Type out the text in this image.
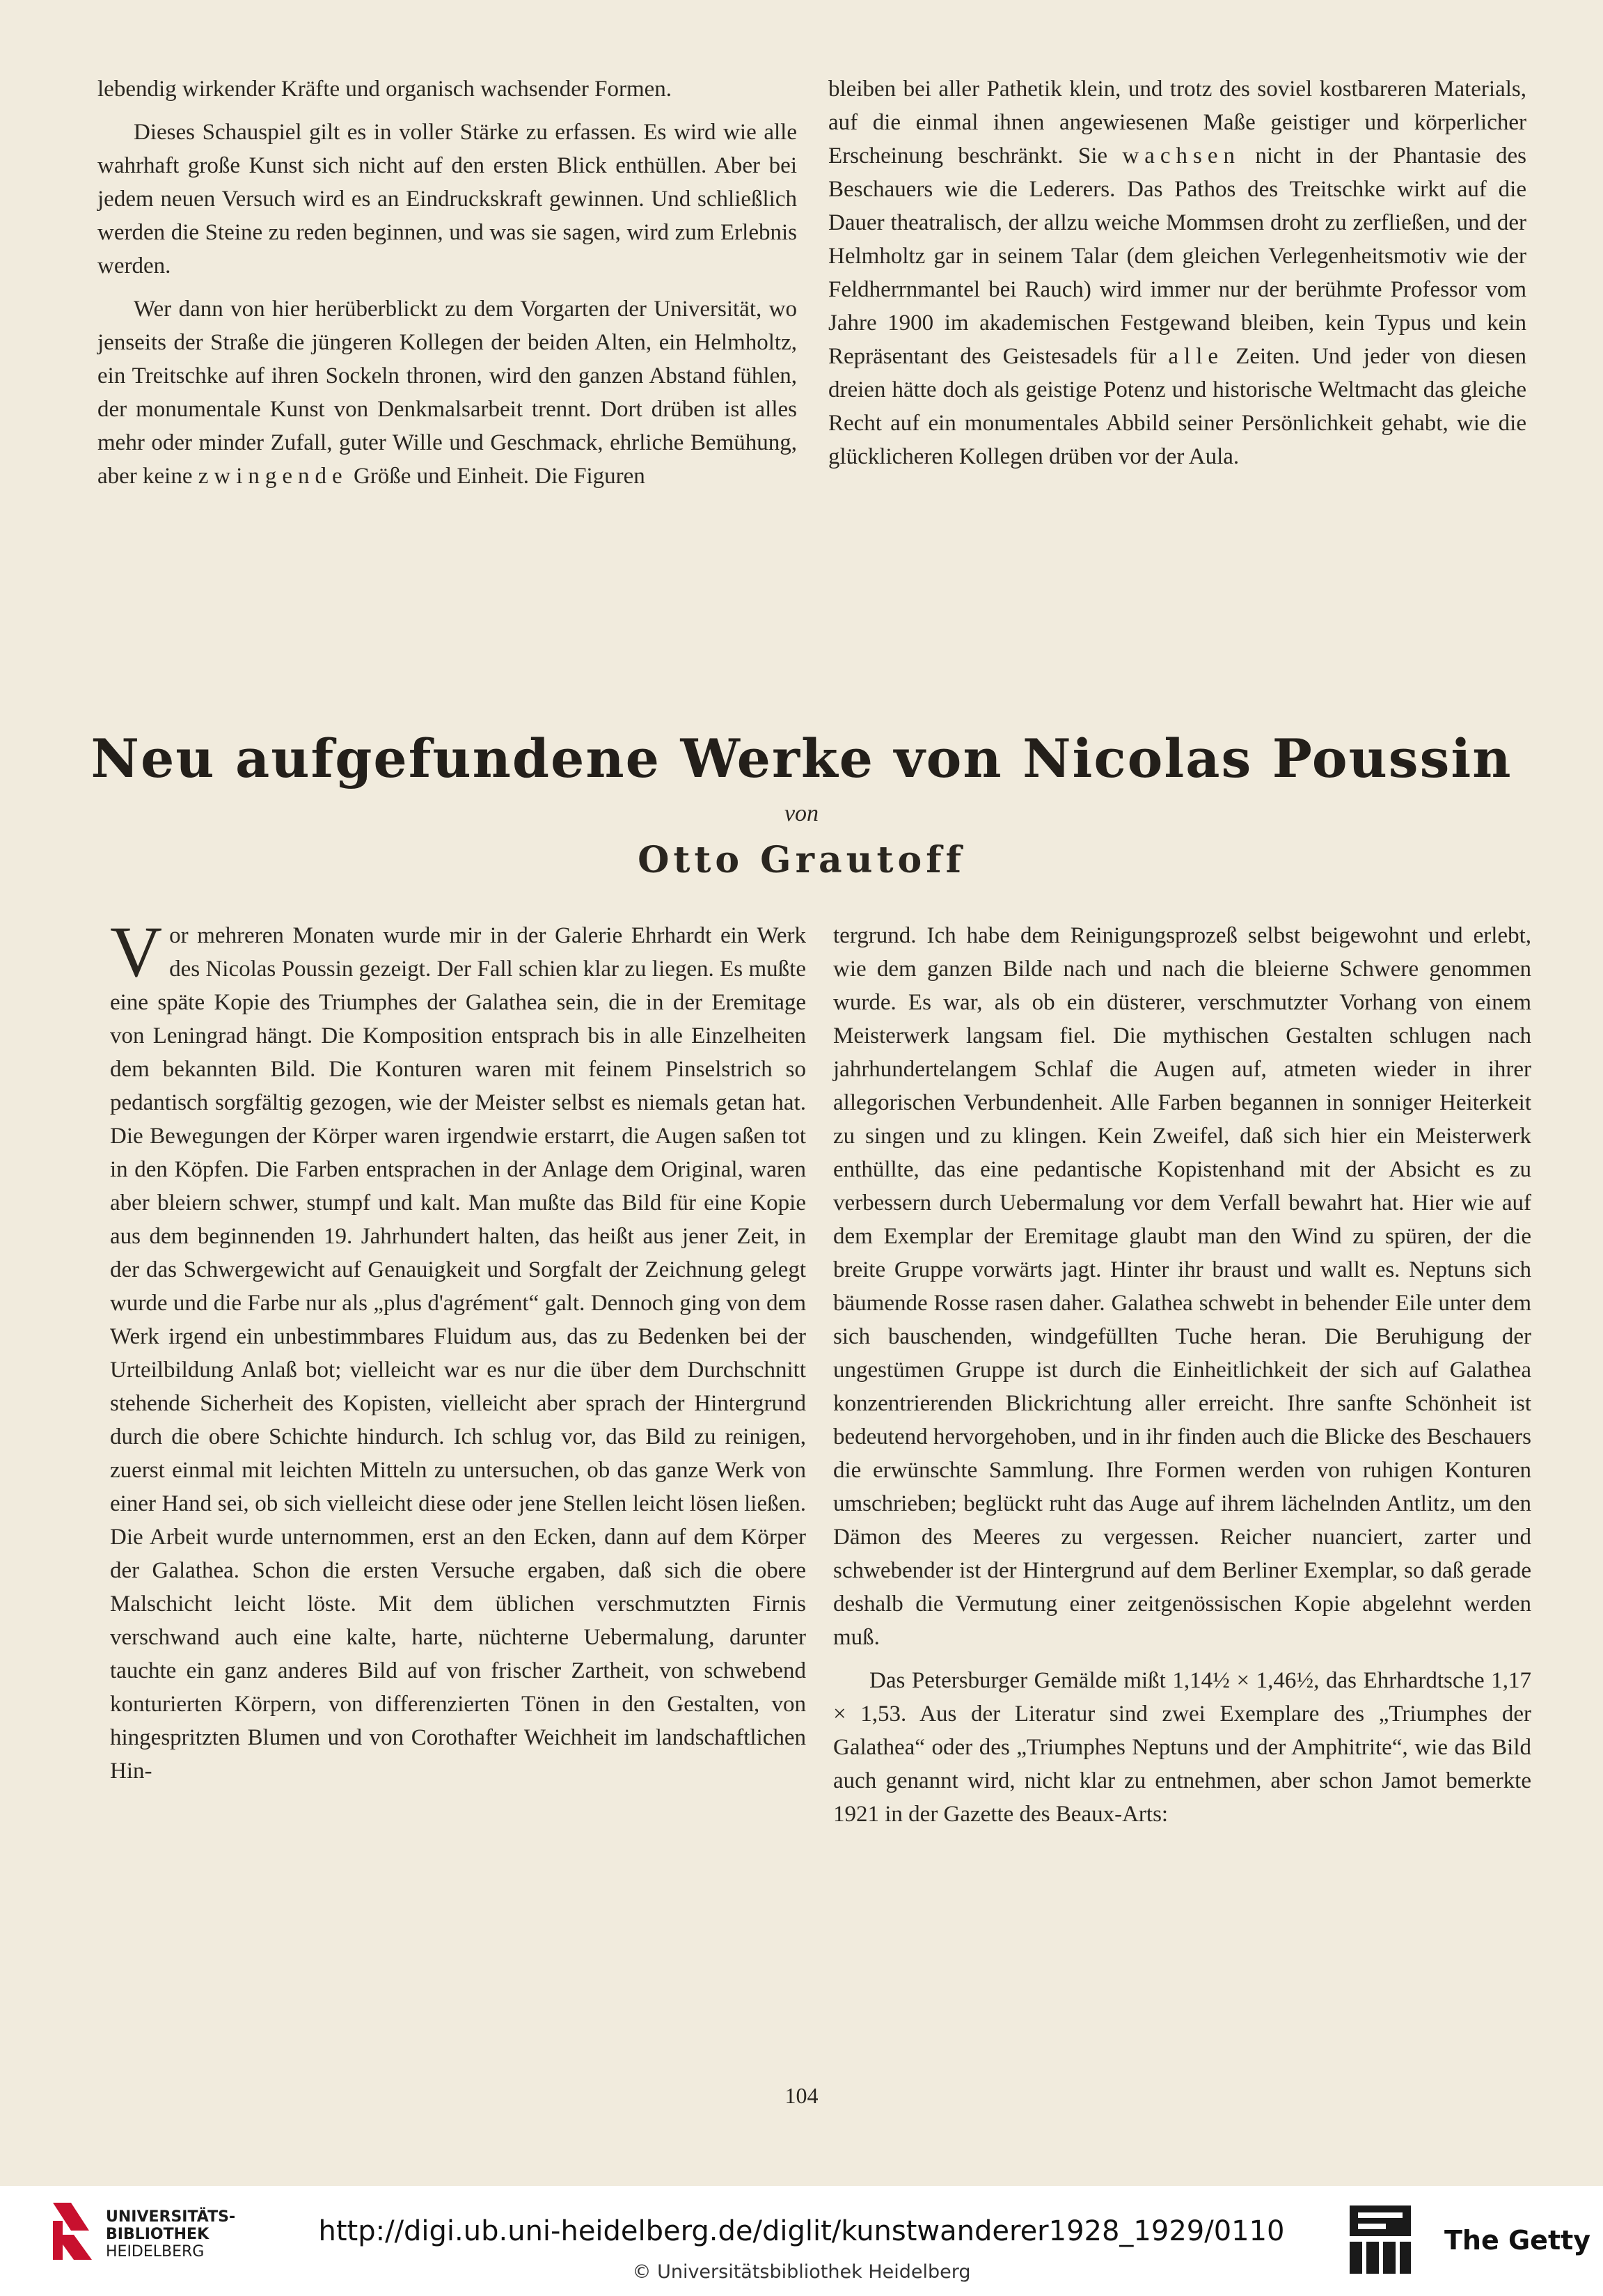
lebendig wirkender Kräfte und organisch wachsender Formen.

Dieses Schauspiel gilt es in voller Stärke zu erfassen. Es wird wie alle wahrhaft große Kunst sich nicht auf den ersten Blick enthüllen. Aber bei jedem neuen Versuch wird es an Eindruckskraft gewinnen. Und schließlich werden die Steine zu reden beginnen, und was sie sagen, wird zum Erlebnis werden.

Wer dann von hier herüberblickt zu dem Vorgarten der Universität, wo jenseits der Straße die jüngeren Kollegen der beiden Alten, ein Helmholtz, ein Treitschke auf ihren Sockeln thronen, wird den ganzen Abstand fühlen, der monumentale Kunst von Denkmalsarbeit trennt. Dort drüben ist alles mehr oder minder Zufall, guter Wille und Geschmack, ehrliche Bemühung, aber keine zwingende Größe und Einheit. Die Figuren

bleiben bei aller Pathetik klein, und trotz des soviel kostbareren Materials, auf die einmal ihnen angewiesenen Maße geistiger und körperlicher Erscheinung beschränkt. Sie wachsen nicht in der Phantasie des Beschauers wie die Lederers. Das Pathos des Treitschke wirkt auf die Dauer theatralisch, der allzu weiche Mommsen droht zu zerfließen, und der Helmholtz gar in seinem Talar (dem gleichen Verlegenheitsmotiv wie der Feldherrnmantel bei Rauch) wird immer nur der berühmte Professor vom Jahre 1900 im akademischen Festgewand bleiben, kein Typus und kein Repräsentant des Geistesadels für alle Zeiten. Und jeder von diesen dreien hätte doch als geistige Potenz und historische Weltmacht das gleiche Recht auf ein monumentales Abbild seiner Persönlichkeit gehabt, wie die glücklicheren Kollegen drüben vor der Aula.

Neu aufgefundene Werke von Nicolas Poussin
von
Otto Grautoff

Vor mehreren Monaten wurde mir in der Galerie Ehrhardt ein Werk des Nicolas Poussin gezeigt. Der Fall schien klar zu liegen. Es mußte eine späte Kopie des Triumphes der Galathea sein, die in der Eremitage von Leningrad hängt. Die Komposition entsprach bis in alle Einzelheiten dem bekannten Bild. Die Konturen waren mit feinem Pinselstrich so pedantisch sorgfältig gezogen, wie der Meister selbst es niemals getan hat. Die Bewegungen der Körper waren irgendwie erstarrt, die Augen saßen tot in den Köpfen. Die Farben entsprachen in der Anlage dem Original, waren aber bleiern schwer, stumpf und kalt. Man mußte das Bild für eine Kopie aus dem beginnenden 19. Jahrhundert halten, das heißt aus jener Zeit, in der das Schwergewicht auf Genauigkeit und Sorgfalt der Zeichnung gelegt wurde und die Farbe nur als „plus d'agrément“ galt. Dennoch ging von dem Werk irgend ein unbestimmbares Fluidum aus, das zu Bedenken bei der Urteilbildung Anlaß bot; vielleicht war es nur die über dem Durchschnitt stehende Sicherheit des Kopisten, vielleicht aber sprach der Hintergrund durch die obere Schichte hindurch. Ich schlug vor, das Bild zu reinigen, zuerst einmal mit leichten Mitteln zu untersuchen, ob das ganze Werk von einer Hand sei, ob sich vielleicht diese oder jene Stellen leicht lösen ließen. Die Arbeit wurde unternommen, erst an den Ecken, dann auf dem Körper der Galathea. Schon die ersten Versuche ergaben, daß sich die obere Malschicht leicht löste. Mit dem üblichen verschmutzten Firnis verschwand auch eine kalte, harte, nüchterne Uebermalung, darunter tauchte ein ganz anderes Bild auf von frischer Zartheit, von schwebend konturierten Körpern, von differenzierten Tönen in den Gestalten, von hingespritzten Blumen und von Corothafter Weichheit im landschaftlichen Hin-

tergrund. Ich habe dem Reinigungsprozeß selbst beigewohnt und erlebt, wie dem ganzen Bilde nach und nach die bleierne Schwere genommen wurde. Es war, als ob ein düsterer, verschmutzter Vorhang von einem Meisterwerk langsam fiel. Die mythischen Gestalten schlugen nach jahrhundertelangem Schlaf die Augen auf, atmeten wieder in ihrer allegorischen Verbundenheit. Alle Farben begannen in sonniger Heiterkeit zu singen und zu klingen. Kein Zweifel, daß sich hier ein Meisterwerk enthüllte, das eine pedantische Kopistenhand mit der Absicht es zu verbessern durch Uebermalung vor dem Verfall bewahrt hat. Hier wie auf dem Exemplar der Eremitage glaubt man den Wind zu spüren, der die breite Gruppe vorwärts jagt. Hinter ihr braust und wallt es. Neptuns sich bäumende Rosse rasen daher. Galathea schwebt in behender Eile unter dem sich bauschenden, windgefüllten Tuche heran. Die Beruhigung der ungestümen Gruppe ist durch die Einheitlichkeit der sich auf Galathea konzentrierenden Blickrichtung aller erreicht. Ihre sanfte Schönheit ist bedeutend hervorgehoben, und in ihr finden auch die Blicke des Beschauers die erwünschte Sammlung. Ihre Formen werden von ruhigen Konturen umschrieben; beglückt ruht das Auge auf ihrem lächelnden Antlitz, um den Dämon des Meeres zu vergessen. Reicher nuanciert, zarter und schwebender ist der Hintergrund auf dem Berliner Exemplar, so daß gerade deshalb die Vermutung einer zeitgenössischen Kopie abgelehnt werden muß.

Das Petersburger Gemälde mißt 1,14½ × 1,46½, das Ehrhardtsche 1,17 × 1,53. Aus der Literatur sind zwei Exemplare des „Triumphes der Galathea“ oder des „Triumphes Neptuns und der Amphitrite“, wie das Bild auch genannt wird, nicht klar zu entnehmen, aber schon Jamot bemerkte 1921 in der Gazette des Beaux-Arts:

104
UNIVERSITÄTS-
BIBLIOTHEK
HEIDELBERG
http://digi.ub.uni-heidelberg.de/diglit/kunstwanderer1928_1929/0110
© Universitätsbibliothek Heidelberg
The Getty
